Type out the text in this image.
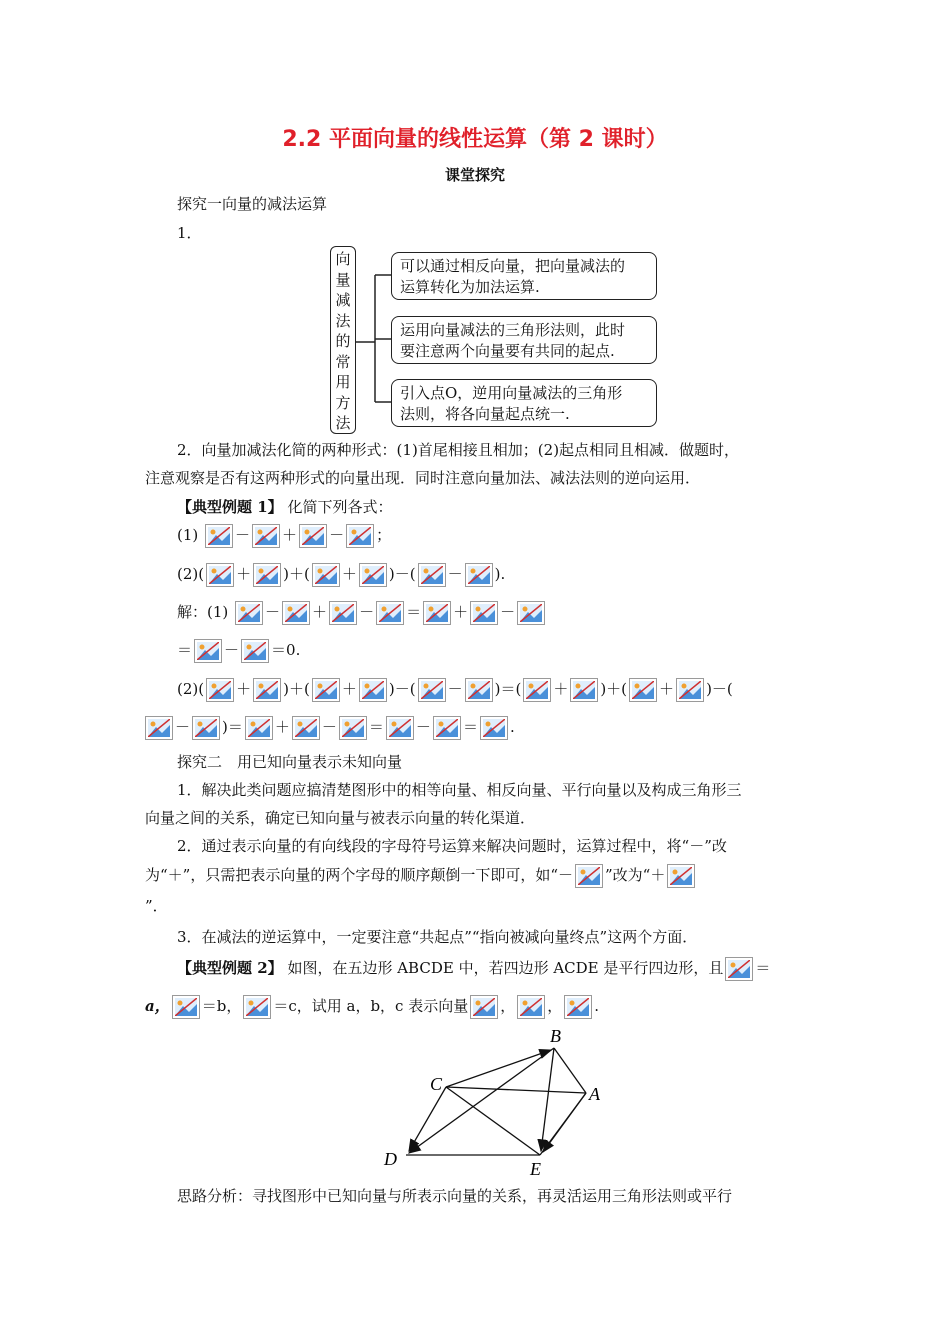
2.2 平面向量的线性运算（第 2 课时）
课堂探究
探究一向量的减法运算
1．
向量减法的常用方法
可以通过相反向量，把向量减法的
运算转化为加法运算.
运用向量减法的三角形法则，此时
要注意两个向量要有共同的起点.
引入点O，逆用向量减法的三角形
法则，将各向量起点统一.
2．向量加减法化简的两种形式：(1)首尾相接且相加；(2)起点相同且相减．做题时，
注意观察是否有这两种形式的向量出现．同时注意向量加法、减法法则的逆向运用．
【典型例题 1】 化简下列各式：
(1) － ＋ － ；
(2)( ＋ )＋( ＋ )－( － ).
解：(1) － ＋ － ＝ ＋ －
＝ － ＝0.
(2)( ＋ )＋( ＋ )－( － )＝( ＋ )＋( ＋ )－(
－ )＝ ＋ － ＝ － ＝ .
探究二　用已知向量表示未知向量
1．解决此类问题应搞清楚图形中的相等向量、相反向量、平行向量以及构成三角形三
向量之间的关系，确定已知向量与被表示向量的转化渠道．
2．通过表示向量的有向线段的字母符号运算来解决问题时，运算过程中，将“－”改
为“＋”，只需把表示向量的两个字母的顺序颠倒一下即可，如“－ ”改为“＋
”．
3．在减法的逆运算中，一定要注意“共起点”“指向被减向量终点”这两个方面．
【典型例题 2】 如图，在五边形 ABCDE 中，若四边形 ACDE 是平行四边形，且 ＝
a， ＝b， ＝c，试用 a，b，c 表示向量 ， ， .
B
A
C
D	E
思路分析：寻找图形中已知向量与所表示向量的关系，再灵活运用三角形法则或平行
